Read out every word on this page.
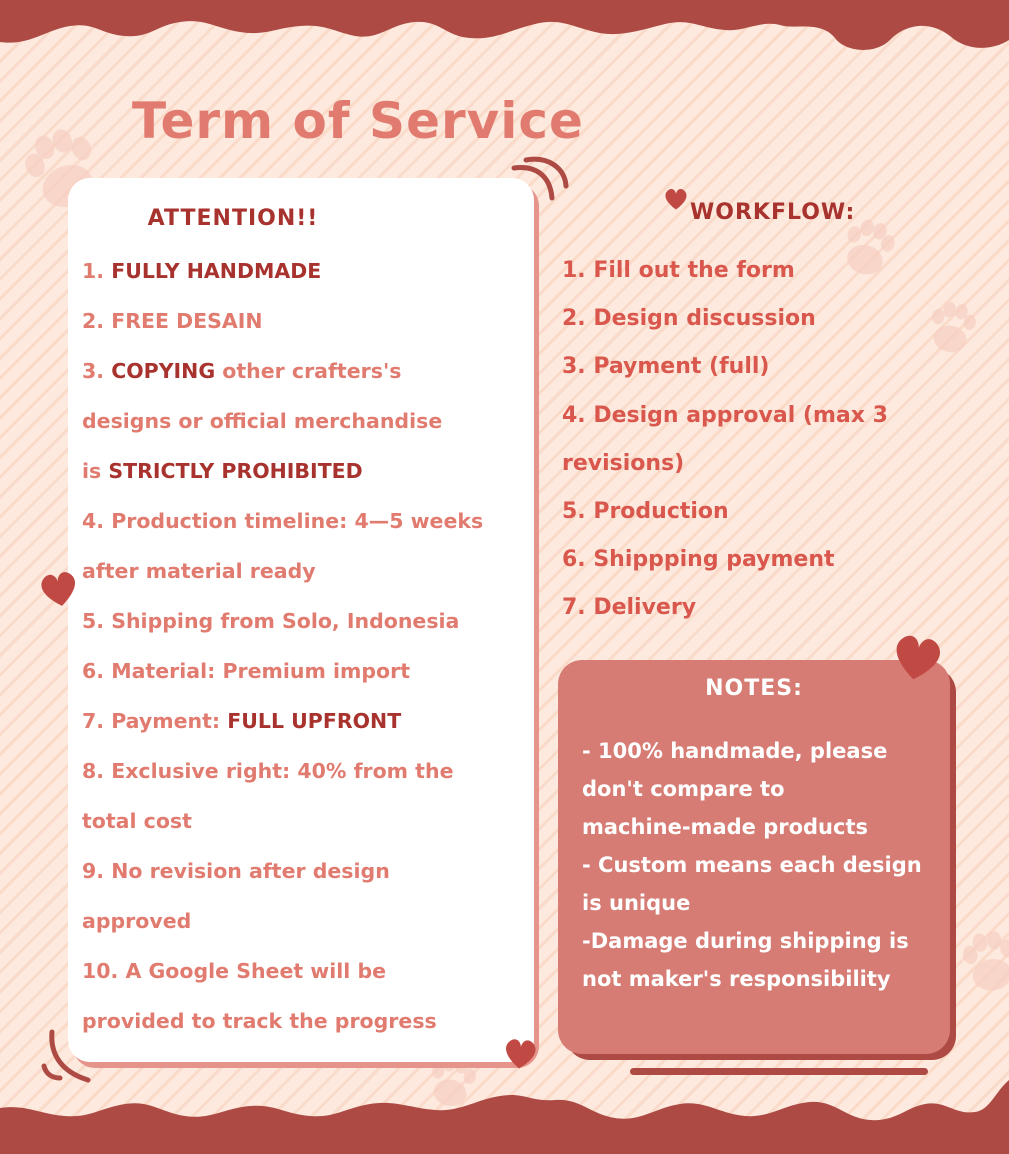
Term of Service
ATTENTION!!
1. FULLY HANDMADE
2. FREE DESAIN
3. COPYING other crafters's
designs or official merchandise
is STRICTLY PROHIBITED
4. Production timeline: 4—5 weeks
after material ready
5. Shipping from Solo, Indonesia
6. Material: Premium import
7. Payment: FULL UPFRONT
8. Exclusive right: 40% from the
total cost
9. No revision after design
approved
10. A Google Sheet will be
provided to track the progress
WORKFLOW:
1. Fill out the form
2. Design discussion
3. Payment (full)
4. Design approval (max 3
revisions)
5. Production
6. Shippping payment
7. Delivery
NOTES:
- 100% handmade, please
don't compare to
machine-made products
- Custom means each design
is unique
-Damage during shipping is
not maker's responsibility
